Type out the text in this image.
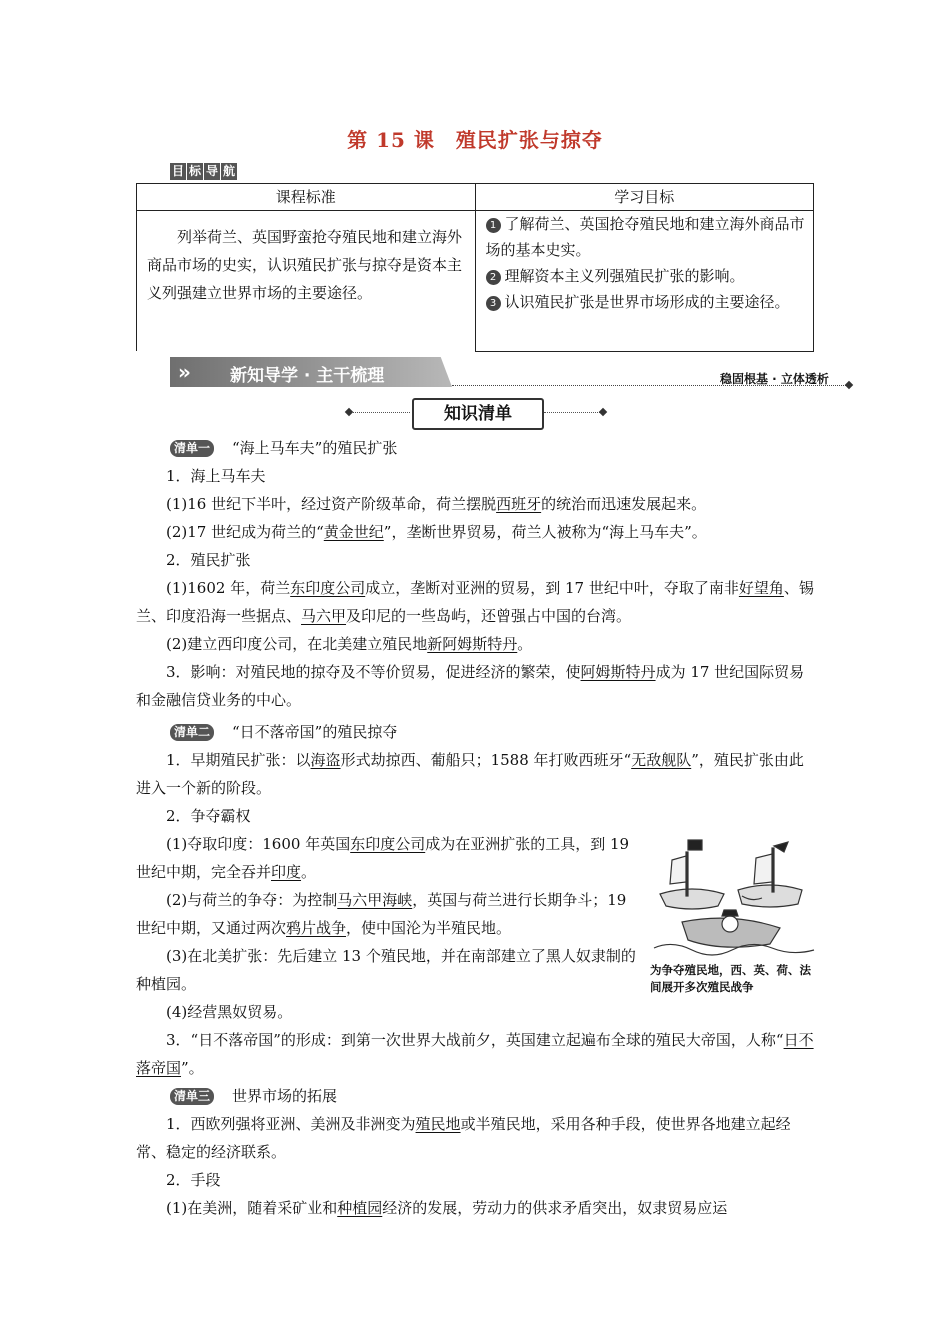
第 15 课　殖民扩张与掠夺
目 标 导 航
课程标准	学习目标
列举荷兰、英国野蛮抢夺殖民地和建立海外商品市场的史实，认识殖民扩张与掠夺是资本主义列强建立世界市场的主要途径。	1 了解荷兰、英国抢夺殖民地和建立海外商品市场的基本史实。
2 理解资本主义列强殖民扩张的影响。
3 认识殖民扩张是世界市场形成的主要途径。
» 新知导学 · 主干梳理	稳固根基 · 立体透析
知识清单

清单一 “海上马车夫”的殖民扩张

1．海上马车夫

(1)16 世纪下半叶，经过资产阶级革命，荷兰摆脱西班牙的统治而迅速发展起来。

(2)17 世纪成为荷兰的“黄金世纪”，垄断世界贸易，荷兰人被称为“海上马车夫”。

2．殖民扩张

(1)1602 年，荷兰东印度公司成立，垄断对亚洲的贸易，到 17 世纪中叶，夺取了南非好望角、锡兰、印度沿海一些据点、马六甲及印尼的一些岛屿，还曾强占中国的台湾。

(2)建立西印度公司，在北美建立殖民地新阿姆斯特丹。

3．影响：对殖民地的掠夺及不等价贸易，促进经济的繁荣，使阿姆斯特丹成为 17 世纪国际贸易和金融信贷业务的中心。

清单二 “日不落帝国”的殖民掠夺

1．早期殖民扩张：以海盗形式劫掠西、葡船只；1588 年打败西班牙“无敌舰队”，殖民扩张由此进入一个新的阶段。

2．争夺霸权

(1)夺取印度：1600 年英国东印度公司成为在亚洲扩张的工具，到 19 世纪中期，完全吞并印度。

(2)与荷兰的争夺：为控制马六甲海峡，英国与荷兰进行长期争斗；19 世纪中期，又通过两次鸦片战争，使中国沦为半殖民地。

(3)在北美扩张：先后建立 13 个殖民地，并在南部建立了黑人奴隶制的种植园。

(4)经营黑奴贸易。

3．“日不落帝国”的形成：到第一次世界大战前夕，英国建立起遍布全球的殖民大帝国，人称“日不落帝国”。

为争夺殖民地，西、英、荷、法间展开多次殖民战争

清单三 世界市场的拓展

1．西欧列强将亚洲、美洲及非洲变为殖民地或半殖民地，采用各种手段，使世界各地建立起经常、稳定的经济联系。

2．手段

(1)在美洲，随着采矿业和种植园经济的发展，劳动力的供求矛盾突出，奴隶贸易应运
